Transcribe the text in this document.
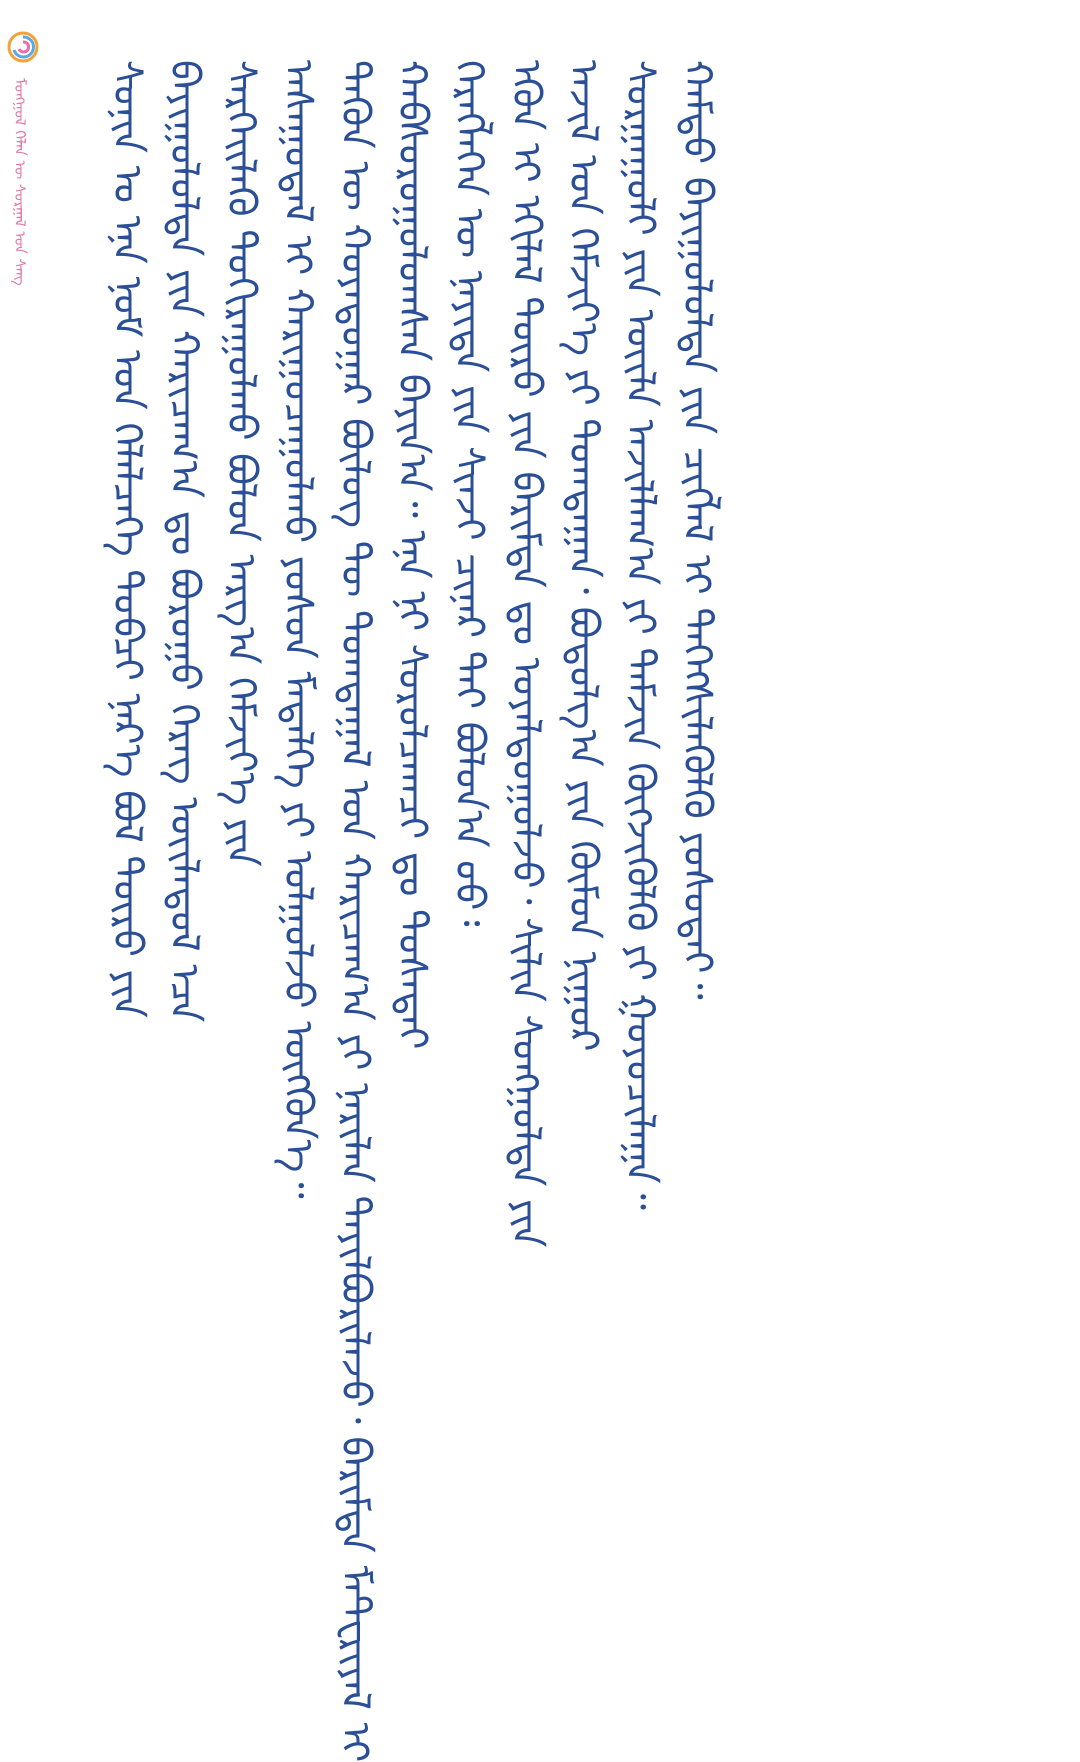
ᠮᠣᠩᠭᠣᠯ ᠬᠡᠯᠡᠨ ᠦ ᠰᠤᠷᠭᠠᠯ ᠤᠨ ᠰᠠᠩ ᠰᠣᠨᠢᠨ ᠤ ᠡᠨᠡ ᠨᠣᠮ ᠤᠨ ᠬᠡᠯᠡᠯᠴᠡᠭᠡ ᠲᠣᠪᠴᠢ ᠨᠡᠷ᠎ᠡ ᠪᠣᠯ ᠲᠦᠷᠦ ᠶᠢᠨ ᠪᠠᠶᠢᠭᠤᠯᠤᠯᠲᠠ ᠶᠢᠨ ᠬᠠᠷᠢᠴᠠᠭ᠎ᠠ ᠳᠤ ᠪᠤᠷᠤᠭᠤ ᠬᠡᠷᠡᠭ ᠦᠢᠯᠡᠳᠦᠯ ᠡᠴᠡ ᠰᠡᠷᠭᠡᠢᠯᠡᠬᠦ ᠲᠣᠬᠢᠷᠠᠭᠤᠯᠬᠤ ᠪᠣᠯᠤᠨ ᠠᠷᠭ᠎ᠠ ᠬᠡᠮᠵᠢᠶ᠎ᠡ ᠶᠢᠨ ᠠᠰᠠᠭᠤᠳᠠᠯ ᠢ ᠬᠠᠷᠢᠭᠤᠴᠠᠭᠤᠯᠬᠤ ᠶᠤᠰᠤᠨ ᠮᠡᠳᠡᠯᠭᠡ ᠶᠢ ᠣᠯᠭᠤᠯᠵᠤ ᠥᠭᠭᠦᠨ᠎ᠡ᠃ ᠲᠡᠭᠦᠨ ᠦ ᠬᠣᠶᠠᠳᠤᠭᠠᠷ ᠪᠦᠯᠦᠭ ᠲᠦ ᠲᠣᠭᠲᠠᠭᠠᠯ ᠤᠨ ᠬᠠᠷᠢᠴᠠᠭ᠎ᠠ ᠶᠢ ᠨᠠᠷᠢᠯᠠᠨ ᠲᠠᠶᠢᠯᠪᠤᠷᠢᠯᠠᠵᠤ᠂ ᠪᠠᠷᠢᠮᠲᠠ ᠮᠠᠲ᠋ᠧᠷᠢᠶᠠᠯ ᠢ ᠬᠠᠪᠰᠤᠷᠤᠭᠤᠯᠤᠭᠰᠠᠨ ᠪᠠᠶᠢᠨ᠎ᠠ᠃ ᠡᠨᠡ ᠨᠢ ᠰᠤᠷᠤᠯᠴᠠᠭᠴᠢ ᠳᠤ ᠲᠤᠰᠠᠲᠠᠢ ᠬᠡᠷᠡᠭᠯᠡᠭᠡᠨ ᠦ ᠨᠡᠶᠢᠲᠡ ᠶᠢᠨ ᠰᠢᠨᠵᠢ ᠴᠢᠨᠠᠷ ᠲᠠᠢ ᠪᠣᠯᠤᠨ᠎ᠠ ᠦᠦ᠄ ᠡᠭᠦᠨ ᠢ ᠡᠬᠢᠯᠡᠯ ᠲᠦᠷᠦ ᠶᠢᠨ ᠪᠠᠷᠢᠮᠲᠠ ᠳᠤ ᠤᠶᠠᠯᠳᠤᠭᠤᠯᠵᠤ᠂ ᠰᠢᠯᠢᠨ ᠰᠣᠩᠭᠤᠯᠲᠠ ᠶᠢᠨ ᠠᠵᠢᠯ ᠤᠨ ᠬᠡᠮᠵᠢᠶ᠎ᠡ ᠶᠢ ᠲᠣᠭᠲᠠᠭᠠᠨ᠂ ᠪᠣᠳᠣᠯᠭ᠎ᠠ ᠶᠢᠨ ᠬᠦᠮᠦᠨ ᠨᠢᠭᠤᠷ ᠰᠤᠷᠭᠠᠭᠤᠯᠢ ᠶᠢᠨ ᠦᠢᠯᠡ ᠠᠵᠢᠯᠯᠠᠭ᠎ᠠ ᠶᠢ ᠳᠡᠮᠵᠢᠨ ᠬᠥᠭᠵᠢᠭᠦᠯᠬᠦ ᠶᠢ ᠭᠤᠶᠤᠴᠢᠯᠠᠭᠠ᠃ ᠬᠠᠮᠲᠤ ᠪᠠᠶᠢᠭᠤᠯᠤᠯᠲᠠ ᠶᠢᠨ ᠴᠢᠭᠯᠡᠯ ᠢ ᠳᠡᠭᠡᠭᠰᠢᠯᠡᠭᠦᠯᠬᠦ ᠶᠤᠰᠤᠲᠠᠢ᠃
